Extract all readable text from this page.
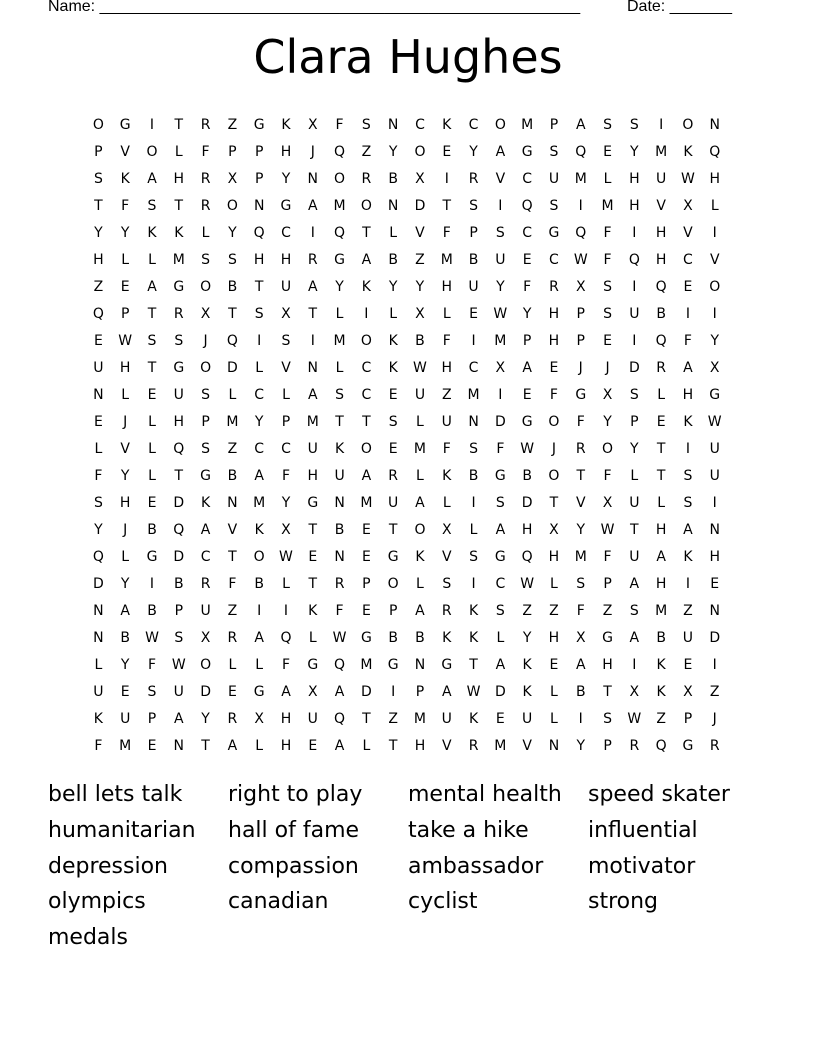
Name: ______________________________________________________	Date: _______
Clara Hughes
O	G	I	T	R	Z	G	K	X	F	S	N	C	K	C	O	M	P	A	S	S	I	O	N
P	V	O	L	F	P	P	H	J	Q	Z	Y	O	E	Y	A	G	S	Q	E	Y	M	K	Q
S	K	A	H	R	X	P	Y	N	O	R	B	X	I	R	V	C	U	M	L	H	U	W	H
T	F	S	T	R	O	N	G	A	M	O	N	D	T	S	I	Q	S	I	M	H	V	X	L
Y	Y	K	K	L	Y	Q	C	I	Q	T	L	V	F	P	S	C	G	Q	F	I	H	V	I
H	L	L	M	S	S	H	H	R	G	A	B	Z	M	B	U	E	C	W	F	Q	H	C	V
Z	E	A	G	O	B	T	U	A	Y	K	Y	Y	H	U	Y	F	R	X	S	I	Q	E	O
Q	P	T	R	X	T	S	X	T	L	I	L	X	L	E	W	Y	H	P	S	U	B	I	I
E	W	S	S	J	Q	I	S	I	M	O	K	B	F	I	M	P	H	P	E	I	Q	F	Y
U	H	T	G	O	D	L	V	N	L	C	K	W	H	C	X	A	E	J	J	D	R	A	X
N	L	E	U	S	L	C	L	A	S	C	E	U	Z	M	I	E	F	G	X	S	L	H	G
E	J	L	H	P	M	Y	P	M	T	T	S	L	U	N	D	G	O	F	Y	P	E	K	W
L	V	L	Q	S	Z	C	C	U	K	O	E	M	F	S	F	W	J	R	O	Y	T	I	U
F	Y	L	T	G	B	A	F	H	U	A	R	L	K	B	G	B	O	T	F	L	T	S	U
S	H	E	D	K	N	M	Y	G	N	M	U	A	L	I	S	D	T	V	X	U	L	S	I
Y	J	B	Q	A	V	K	X	T	B	E	T	O	X	L	A	H	X	Y	W	T	H	A	N
Q	L	G	D	C	T	O	W	E	N	E	G	K	V	S	G	Q	H	M	F	U	A	K	H
D	Y	I	B	R	F	B	L	T	R	P	O	L	S	I	C	W	L	S	P	A	H	I	E
N	A	B	P	U	Z	I	I	K	F	E	P	A	R	K	S	Z	Z	F	Z	S	M	Z	N
N	B	W	S	X	R	A	Q	L	W	G	B	B	K	K	L	Y	H	X	G	A	B	U	D
L	Y	F	W	O	L	L	F	G	Q	M	G	N	G	T	A	K	E	A	H	I	K	E	I
U	E	S	U	D	E	G	A	X	A	D	I	P	A	W	D	K	L	B	T	X	K	X	Z
K	U	P	A	Y	R	X	H	U	Q	T	Z	M	U	K	E	U	L	I	S	W	Z	P	J
F	M	E	N	T	A	L	H	E	A	L	T	H	V	R	M	V	N	Y	P	R	Q	G	R
bell lets talk	right to play	mental health	speed skater
humanitarian	hall of fame	take a hike	influential
depression	compassion	ambassador	motivator
olympics	canadian	cyclist	strong
medals
